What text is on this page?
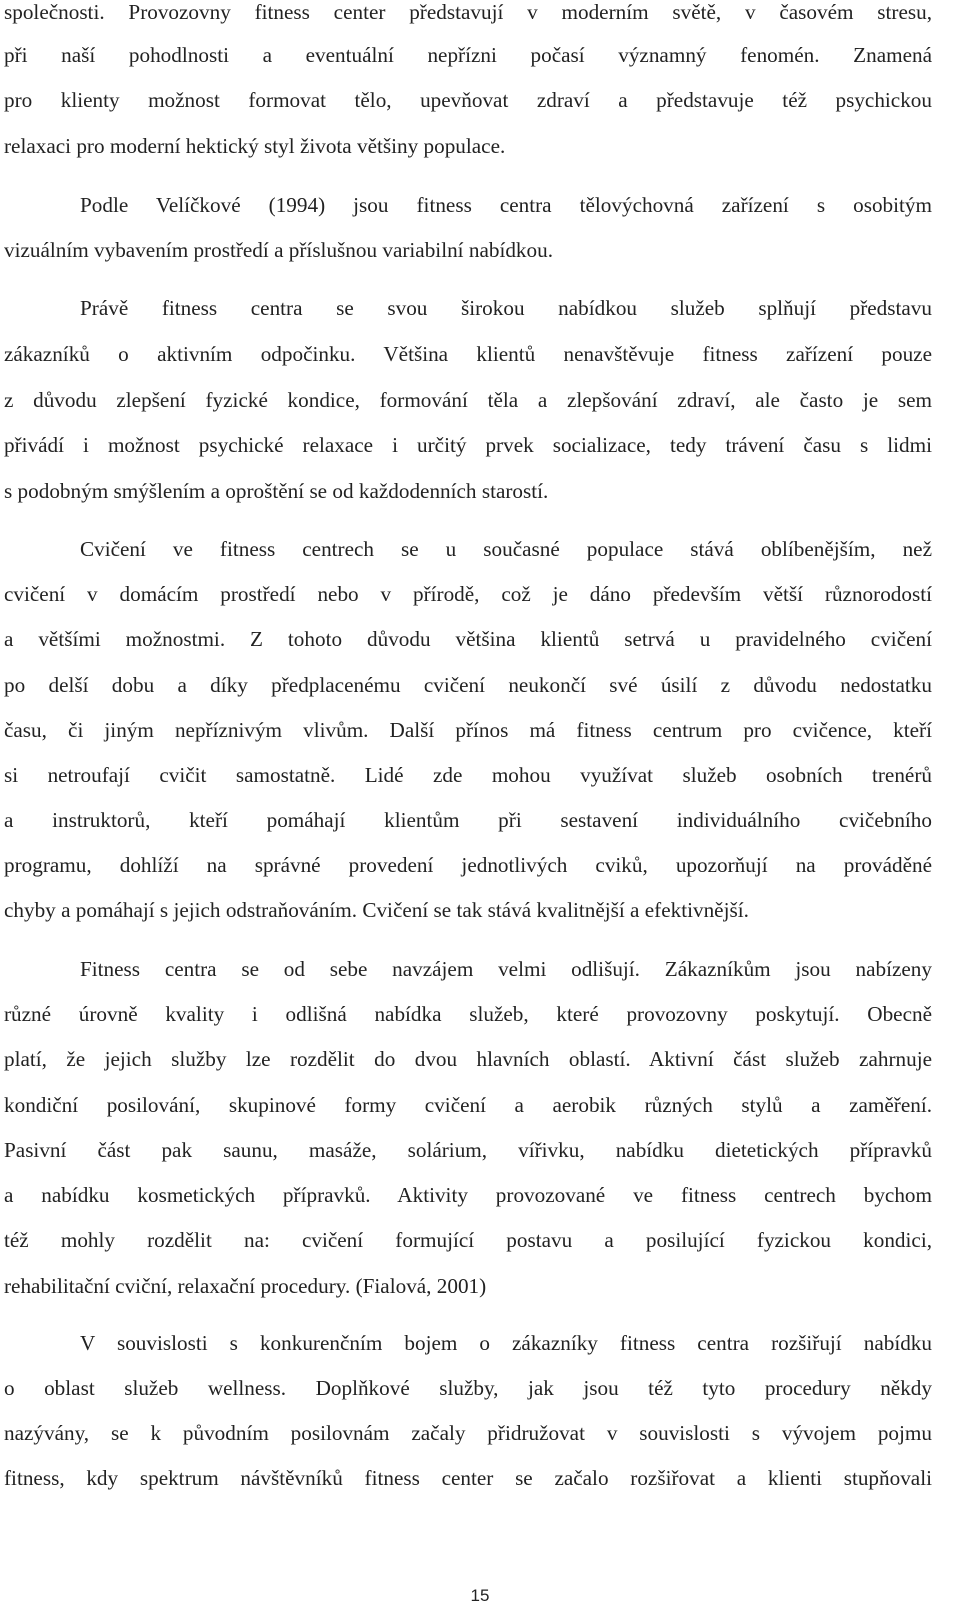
společnosti. Provozovny fitness center představují v moderním světě, v časovém stresu,
při naší pohodlnosti a eventuální nepřízni počasí významný fenomén. Znamená
pro klienty možnost formovat tělo, upevňovat zdraví a představuje též psychickou
relaxaci pro moderní hektický styl života většiny populace.
Podle Velíčkové (1994) jsou fitness centra tělovýchovná zařízení s osobitým
vizuálním vybavením prostředí a příslušnou variabilní nabídkou.
Právě fitness centra se svou širokou nabídkou služeb splňují představu
zákazníků o aktivním odpočinku. Většina klientů nenavštěvuje fitness zařízení pouze
z důvodu zlepšení fyzické kondice, formování těla a zlepšování zdraví, ale často je sem
přivádí i možnost psychické relaxace i určitý prvek socializace, tedy trávení času s lidmi
s podobným smýšlením a oproštění se od každodenních starostí.
Cvičení ve fitness centrech se u současné populace stává oblíbenějším, než
cvičení v domácím prostředí nebo v přírodě, což je dáno především větší různorodostí
a většími možnostmi. Z tohoto důvodu většina klientů setrvá u pravidelného cvičení
po delší dobu a díky předplacenému cvičení neukončí své úsilí z důvodu nedostatku
času, či jiným nepříznivým vlivům. Další přínos má fitness centrum pro cvičence, kteří
si netroufají cvičit samostatně. Lidé zde mohou využívat služeb osobních trenérů
a instruktorů, kteří pomáhají klientům při sestavení individuálního cvičebního
programu, dohlíží na správné provedení jednotlivých cviků, upozorňují na prováděné
chyby a pomáhají s jejich odstraňováním. Cvičení se tak stává kvalitnější a efektivnější.
Fitness centra se od sebe navzájem velmi odlišují. Zákazníkům jsou nabízeny
různé úrovně kvality i odlišná nabídka služeb, které provozovny poskytují. Obecně
platí, že jejich služby lze rozdělit do dvou hlavních oblastí. Aktivní část služeb zahrnuje
kondiční posilování, skupinové formy cvičení a aerobik různých stylů a zaměření.
Pasivní část pak saunu, masáže, solárium, vířivku, nabídku dietetických přípravků
a nabídku kosmetických přípravků. Aktivity provozované ve fitness centrech bychom
též mohly rozdělit na: cvičení formující postavu a posilující fyzickou kondici,
rehabilitační cviční, relaxační procedury. (Fialová, 2001)
V souvislosti s konkurenčním bojem o zákazníky fitness centra rozšiřují nabídku
o oblast služeb wellness. Doplňkové služby, jak jsou též tyto procedury někdy
nazývány, se k původním posilovnám začaly přidružovat v souvislosti s vývojem pojmu
fitness, kdy spektrum návštěvníků fitness center se začalo rozšiřovat a klienti stupňovali
15
